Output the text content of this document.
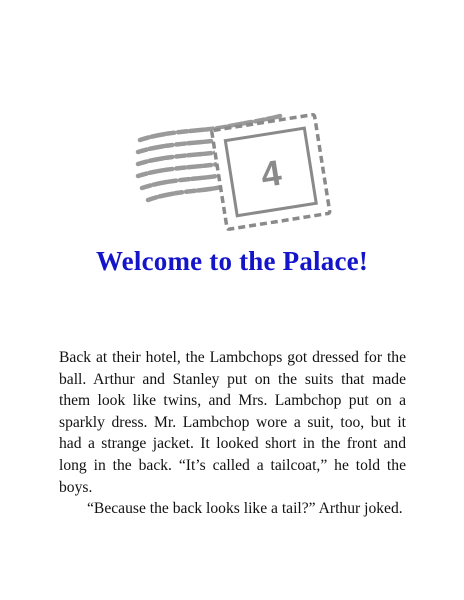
4
Welcome to the Palace!

Back at their hotel, the Lambchops got dressed for the ball. Arthur and Stanley put on the suits that made them look like twins, and Mrs. Lambchop put on a sparkly dress. Mr. Lambchop wore a suit, too, but it had a strange jacket. It looked short in the front and long in the back. “It’s called a tailcoat,” he told the boys.

“Because the back looks like a tail?” Arthur joked.
